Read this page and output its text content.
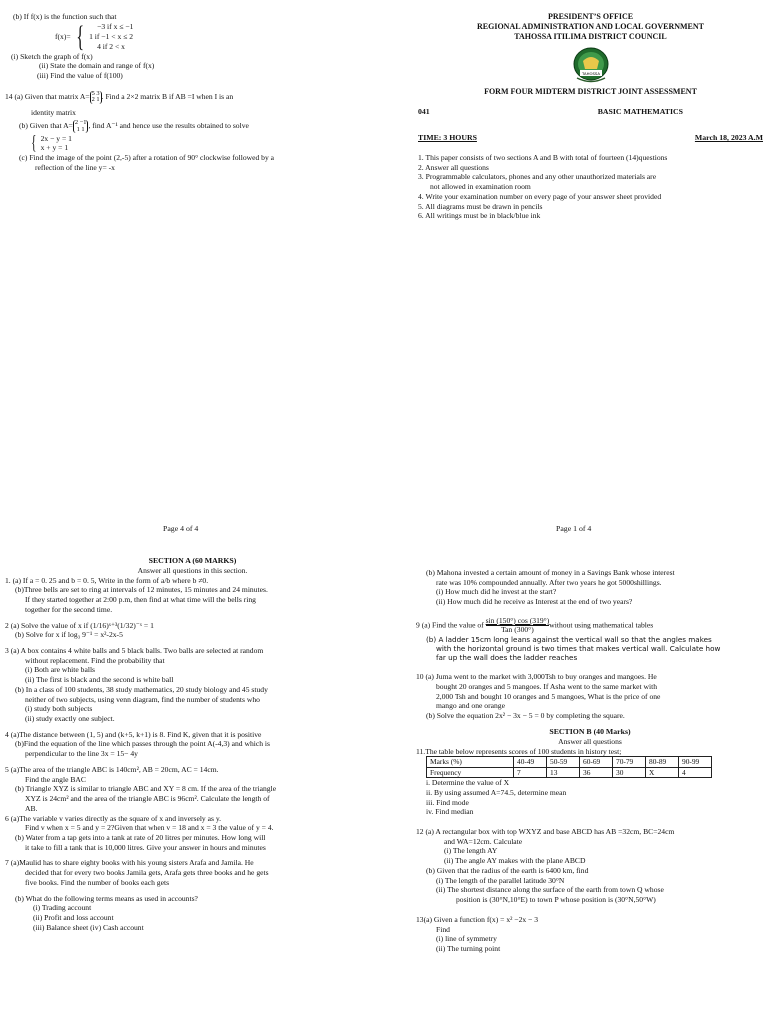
(b) If f(x) is the function such that
f(x)= {	−3 if x ≤ −1
1 if −1 < x ≤ 2
4 if 2 < x
(i) Sketch the graph of f(x)
(ii) State the domain and range of f(x)
(iii) Find the value of f(100)
14 (a) Given that matrix A= 5 3
2 1 . Find a 2×2 matrix B if AB =I when I is an
identity matrix
(b) Given that A= 2 −1
1 1 , find A⁻¹ and hence use the results obtained to solve
{ 2x − y = 1
x + y = 1
(c) Find the image of the point (2,-5) after a rotation of 90° clockwise followed by a
reflection of the line y= -x
Page 4 of 4
PRESIDENT’S OFFICE
REGIONAL ADMINISTRATION AND LOCAL GOVERNMENT
TAHOSSA ITILIMA DISTRICT COUNCIL
TAHOSSA
FORM FOUR MIDTERM DISTRICT JOINT ASSESSMENT
041	BASIC MATHEMATICS
TIME: 3 HOURS	March 18, 2023 A.M
1. This paper consists of two sections A and B with total of fourteen (14)questions
2. Answer all questions
3. Programmable calculators, phones and any other unauthorized materials are
not allowed in examination room
4. Write your examination number on every page of your answer sheet provided
5. All diagrams must be drawn in pencils
6. All writings must be in black/blue ink
Page 1 of 4
SECTION A (60 MARKS)
Answer all questions in this section.
1. (a) If a = 0. 25 and b = 0. 5, Write in the form of a/b where b ≠0.
(b)Three bells are set to ring at intervals of 12 minutes, 15 minutes and 24 minutes.
If they started together at 2:00 p.m, then find at what time will the bells ring
together for the second time.
2 (a) Solve the value of x if (1/16)ˣ⁺³(1/32)⁻ˣ = 1
(b) Solve for x if log₃ 9⁻¹ = x²-2x-5
3 (a) A box contains 4 white balls and 5 black balls. Two balls are selected at random
without replacement. Find the probability that
(i) Both are white balls
(ii) The first is black and the second is white ball
(b) In a class of 100 students, 38 study mathematics, 20 study biology and 45 study
neither of two subjects, using venn diagram, find the number of students who
(i) study both subjects
(ii) study exactly one subject.
4 (a)The distance between (1, 5) and (k+5, k+1) is 8. Find K, given that it is positive
(b)Find the equation of the line which passes through the point A(-4,3) and which is
perpendicular to the line 3x = 15− 4y
5 (a)The area of the triangle ABC is 140cm², AB = 20cm, AC = 14cm.
Find the angle BAC
(b) Triangle XYZ is similar to triangle ABC and XY = 8 cm. If the area of the triangle
XYZ is 24cm² and the area of the triangle ABC is 96cm². Calculate the length of
AB.
6 (a)The variable v varies directly as the square of x and inversely as y.
Find v when x = 5 and y = 2?Given that when v = 18 and x = 3 the value of y = 4.
(b) Water from a tap gets into a tank at rate of 20 litres per minutes. How long will
it take to fill a tank that is 10,000 litres. Give your answer in hours and minutes
7 (a)Maulid has to share eighty books with his young sisters Arafa and Jamila. He
decided that for every two books Jamila gets, Arafa gets three books and he gets
five books. Find the number of books each gets
(b) What do the following terms means as used in accounts?
(i) Trading account
(ii) Profit and loss account
(iii) Balance sheet (iv) Cash account
(b) Mahona invested a certain amount of money in a Savings Bank whose interest
rate was 10% compounded annually. After two years he got 5000shillings.
(i) How much did he invest at the start?
(ii) How much did he receive as Interest at the end of two years?
9 (a) Find the value of $\frac{\sin (150^\circ) \cos (319^\circ)}{\text{Tan (300°)}}$ without using mathematical tables
(b) A ladder 15cm long leans against the vertical wall so that the angles makes
with the horizontal ground is two times that makes vertical wall. Calculate how
far up the wall does the ladder reaches
10 (a) Juma went to the market with 3,000Tsh to buy oranges and mangoes. He
bought 20 oranges and 5 mangoes. If Asha went to the same market with
2,000 Tsh and bought 10 oranges and 5 mangoes, What is the price of one
mango and one orange
(b) Solve the equation 2x² − 3x − 5 = 0 by completing the square.
SECTION B (40 Marks)
Answer all questions
11.The table below represents scores of 100 students in history test;
Marks (%)	40-49	50-59	60-69	70-79	80-89	90-99
Frequency	7	13	36	30	X	4
i. Determine the value of X
ii. By using assumed A=74.5, determine mean
iii. Find mode
iv. Find median
12 (a) A rectangular box with top WXYZ and base ABCD has AB =32cm, BC=24cm
and WA=12cm. Calculate
(i) The length AY
(ii) The angle AY makes with the plane ABCD
(b) Given that the radius of the earth is 6400 km, find
(i) The length of the parallel latitude 30°N
(ii) The shortest distance along the surface of the earth from town Q whose
position is (30°N,10°E) to town P whose position is (30°N,50°W)
13(a) Given a function f(x) = x² −2x − 3
Find
(i) line of symmetry
(ii) The turning point
